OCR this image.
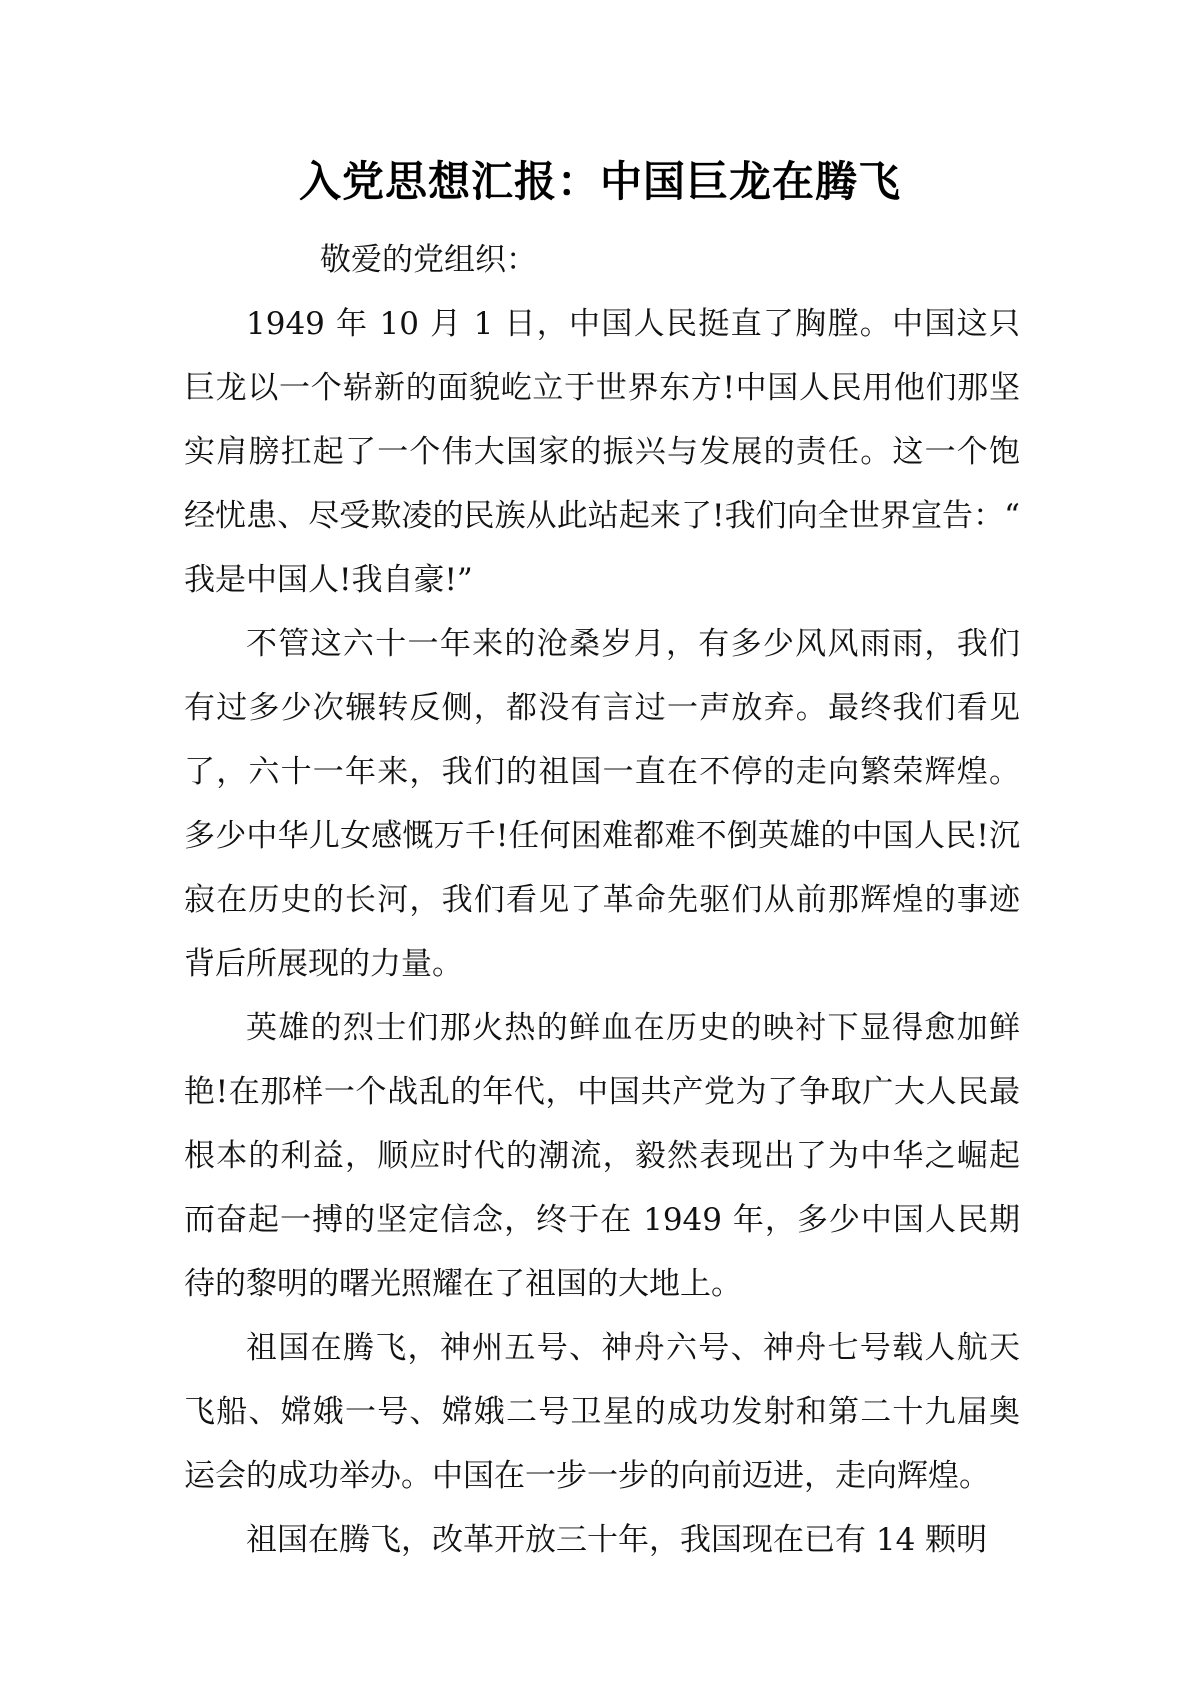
入党思想汇报：中国巨龙在腾飞

敬爱的党组织：

1949 年 10 月 1 日，中国人民挺直了胸膛。中国这只巨龙以一个崭新的面貌屹立于世界东方!中国人民用他们那坚实肩膀扛起了一个伟大国家的振兴与发展的责任。这一个饱经忧患、尽受欺凌的民族从此站起来了!我们向全世界宣告：“我是中国人!我自豪!”

不管这六十一年来的沧桑岁月，有多少风风雨雨，我们有过多少次辗转反侧，都没有言过一声放弃。最终我们看见了，六十一年来，我们的祖国一直在不停的走向繁荣辉煌。多少中华儿女感慨万千!任何困难都难不倒英雄的中国人民!沉寂在历史的长河，我们看见了革命先驱们从前那辉煌的事迹背后所展现的力量。

英雄的烈士们那火热的鲜血在历史的映衬下显得愈加鲜艳!在那样一个战乱的年代，中国共产党为了争取广大人民最根本的利益，顺应时代的潮流，毅然表现出了为中华之崛起而奋起一搏的坚定信念，终于在 1949 年，多少中国人民期待的黎明的曙光照耀在了祖国的大地上。

祖国在腾飞，神州五号、神舟六号、神舟七号载人航天飞船、嫦娥一号、嫦娥二号卫星的成功发射和第二十九届奥运会的成功举办。中国在一步一步的向前迈进，走向辉煌。

祖国在腾飞，改革开放三十年，我国现在已有 14 颗明
